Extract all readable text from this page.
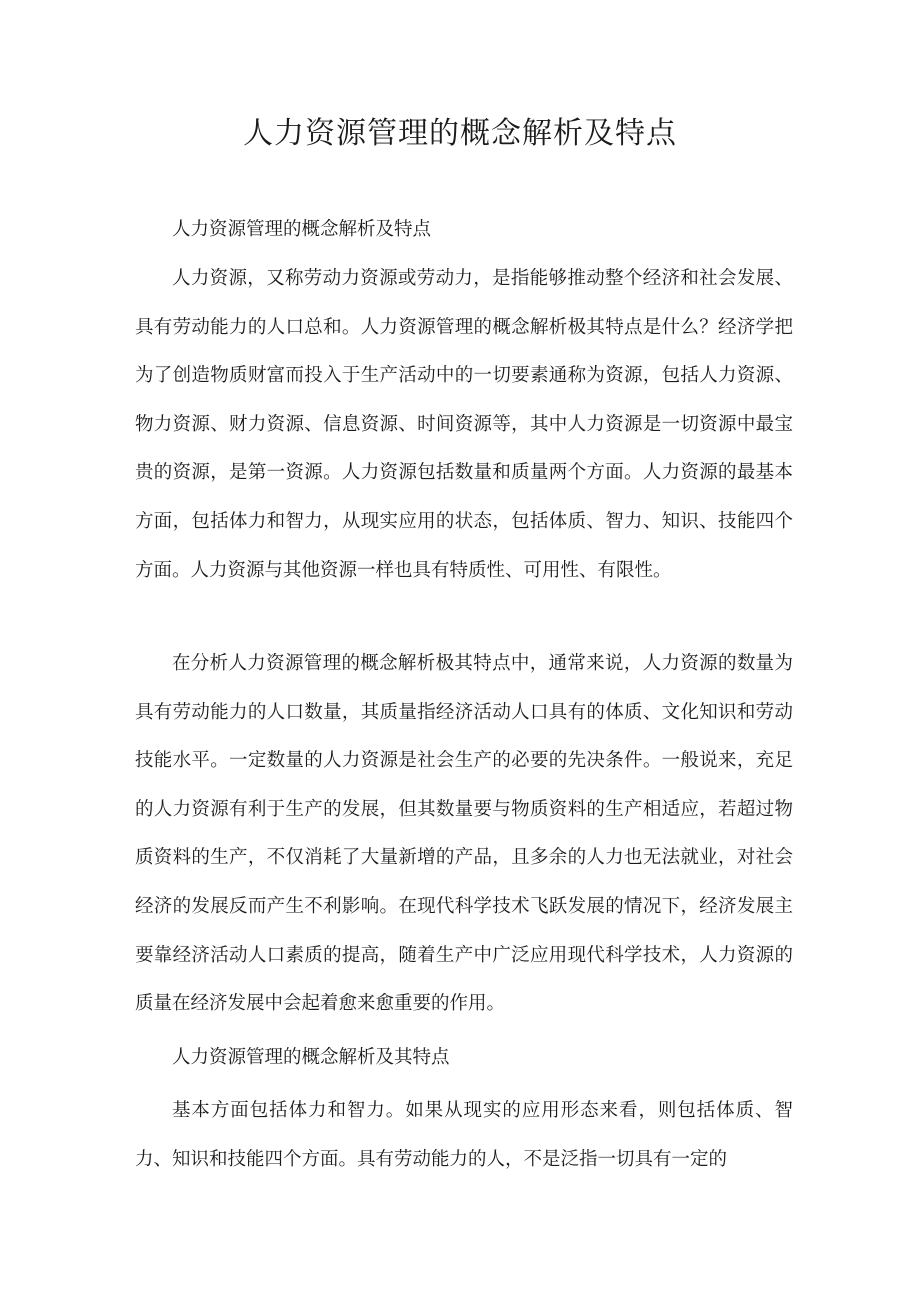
人力资源管理的概念解析及特点

人力资源管理的概念解析及特点

人力资源，又称劳动力资源或劳动力，是指能够推动整个经济和社会发展、具有劳动能力的人口总和。人力资源管理的概念解析极其特点是什么？经济学把为了创造物质财富而投入于生产活动中的一切要素通称为资源，包括人力资源、物力资源、财力资源、信息资源、时间资源等，其中人力资源是一切资源中最宝贵的资源，是第一资源。人力资源包括数量和质量两个方面。人力资源的最基本方面，包括体力和智力，从现实应用的状态，包括体质、智力、知识、技能四个方面。人力资源与其他资源一样也具有特质性、可用性、有限性。

在分析人力资源管理的概念解析极其特点中，通常来说，人力资源的数量为具有劳动能力的人口数量，其质量指经济活动人口具有的体质、文化知识和劳动技能水平。一定数量的人力资源是社会生产的必要的先决条件。一般说来，充足的人力资源有利于生产的发展，但其数量要与物质资料的生产相适应，若超过物质资料的生产，不仅消耗了大量新增的产品，且多余的人力也无法就业，对社会经济的发展反而产生不利影响。在现代科学技术飞跃发展的情况下，经济发展主要靠经济活动人口素质的提高，随着生产中广泛应用现代科学技术，人力资源的质量在经济发展中会起着愈来愈重要的作用。

人力资源管理的概念解析及其特点

基本方面包括体力和智力。如果从现实的应用形态来看，则包括体质、智力、知识和技能四个方面。具有劳动能力的人，不是泛指一切具有一定的
